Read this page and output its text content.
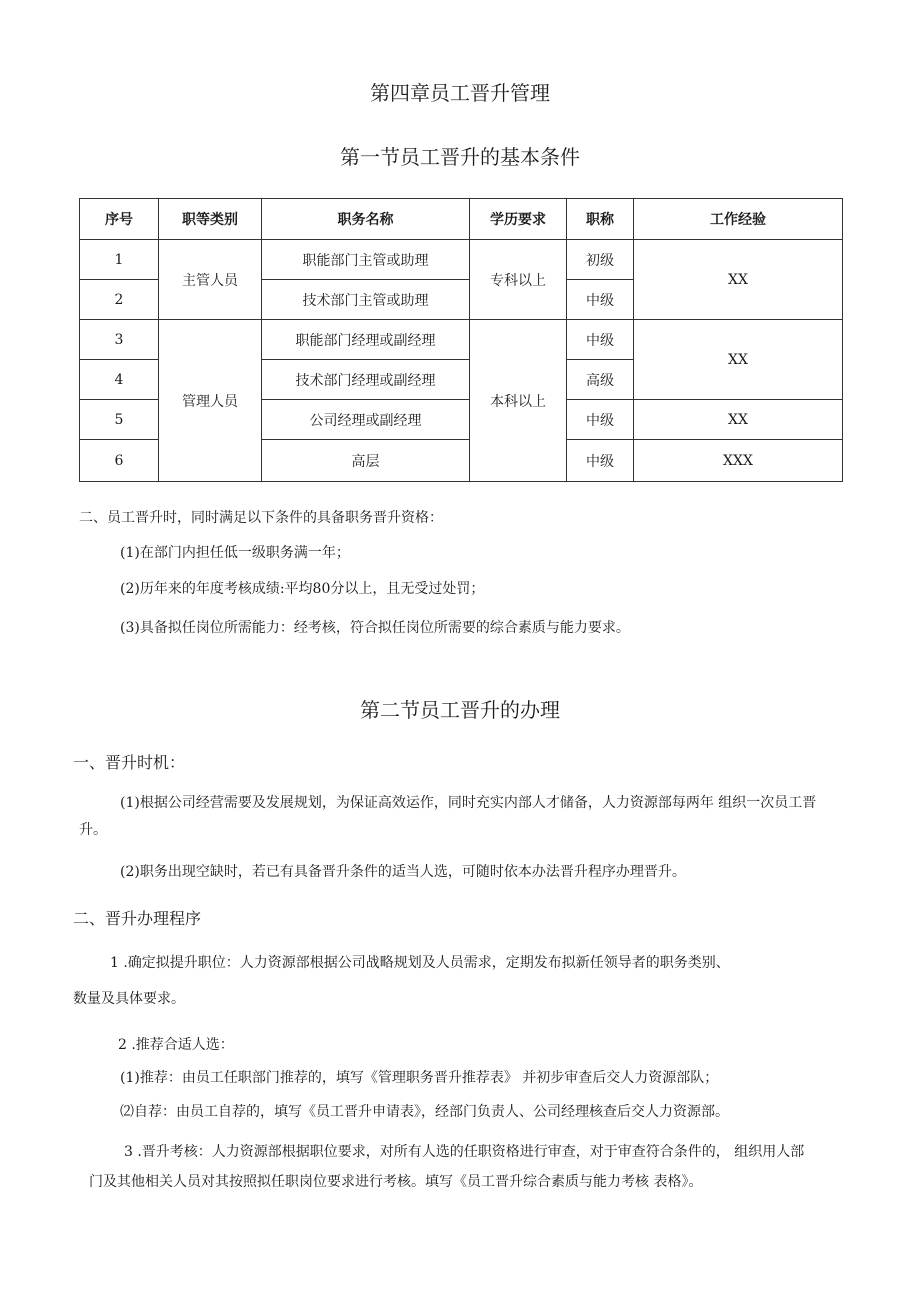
第四章员工晋升管理
第一节员工晋升的基本条件
序号	职等类别	职务名称	学历要求	职称	工作经验
1	主管人员	职能部门主管或助理	专科以上	初级	XX
2		技术部门主管或助理		中级	
3	管理人员	职能部门经理或副经理	本科以上	中级	XX
4		技术部门经理或副经理		高级	
5		公司经理或副经理		中级	XX
6		高层		中级	XXX
二、员工晋升时，同时满足以下条件的具备职务晋升资格：
(1)在部门内担任低一级职务满一年；
(2)历年来的年度考核成绩:平均80分以上，且无受过处罚；
(3)具备拟任岗位所需能力：经考核，符合拟任岗位所需要的综合素质与能力要求。
第二节员工晋升的办理
一、晋升时机：
(1)根据公司经营需要及发展规划，为保证高效运作，同时充实内部人才储备，人力资源部每两年 组织一次员工晋
升。
(2)职务出现空缺时，若已有具备晋升条件的适当人选，可随时依本办法晋升程序办理晋升。
二、晋升办理程序
1 .确定拟提升职位：人力资源部根据公司战略规划及人员需求，定期发布拟新任领导者的职务类别、
数量及具体要求。
2 .推荐合适人选：
(1)推荐：由员工任职部门推荐的，填写《管理职务晋升推荐表》 并初步审查后交人力资源部队；
⑵自荐：由员工自荐的，填写《员工晋升申请表》，经部门负责人、公司经理核查后交人力资源部。
3 .晋升考核：人力资源部根据职位要求，对所有人选的任职资格进行审查，对于审查符合条件的， 组织用人部
门及其他相关人员对其按照拟任职岗位要求进行考核。填写《员工晋升综合素质与能力考核 表格》。
